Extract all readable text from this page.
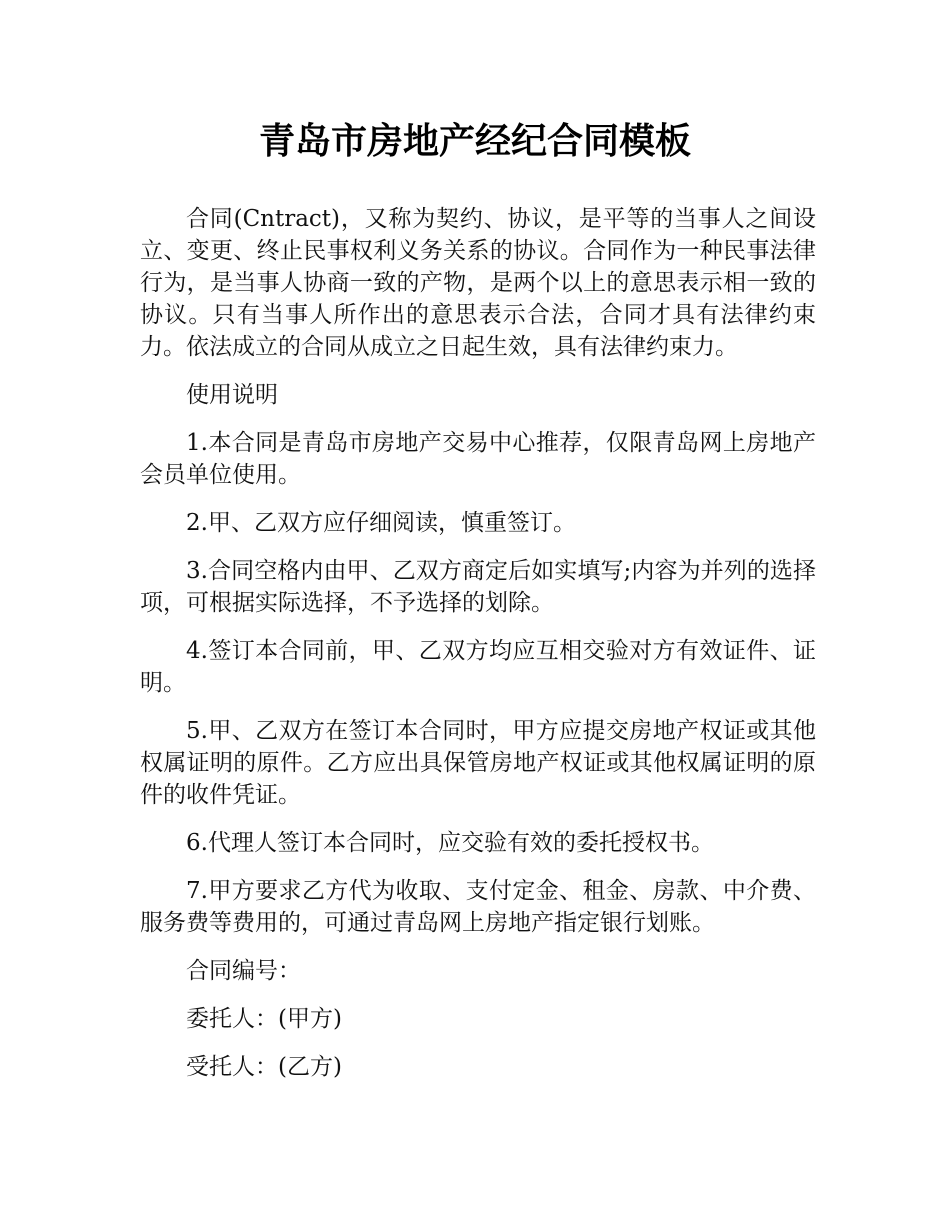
青岛市房地产经纪合同模板

合同(Cntract)，又称为契约、协议，是平等的当事人之间设立、变更、终止民事权利义务关系的协议。合同作为一种民事法律行为，是当事人协商一致的产物，是两个以上的意思表示相一致的协议。只有当事人所作出的意思表示合法，合同才具有法律约束力。依法成立的合同从成立之日起生效，具有法律约束力。

使用说明

1.本合同是青岛市房地产交易中心推荐，仅限青岛网上房地产会员单位使用。

2.甲、乙双方应仔细阅读，慎重签订。

3.合同空格内由甲、乙双方商定后如实填写;内容为并列的选择项，可根据实际选择，不予选择的划除。

4.签订本合同前，甲、乙双方均应互相交验对方有效证件、证明。

5.甲、乙双方在签订本合同时，甲方应提交房地产权证或其他权属证明的原件。乙方应出具保管房地产权证或其他权属证明的原件的收件凭证。

6.代理人签订本合同时，应交验有效的委托授权书。

7.甲方要求乙方代为收取、支付定金、租金、房款、中介费、服务费等费用的，可通过青岛网上房地产指定银行划账。

合同编号：

委托人：(甲方)

受托人：(乙方)
